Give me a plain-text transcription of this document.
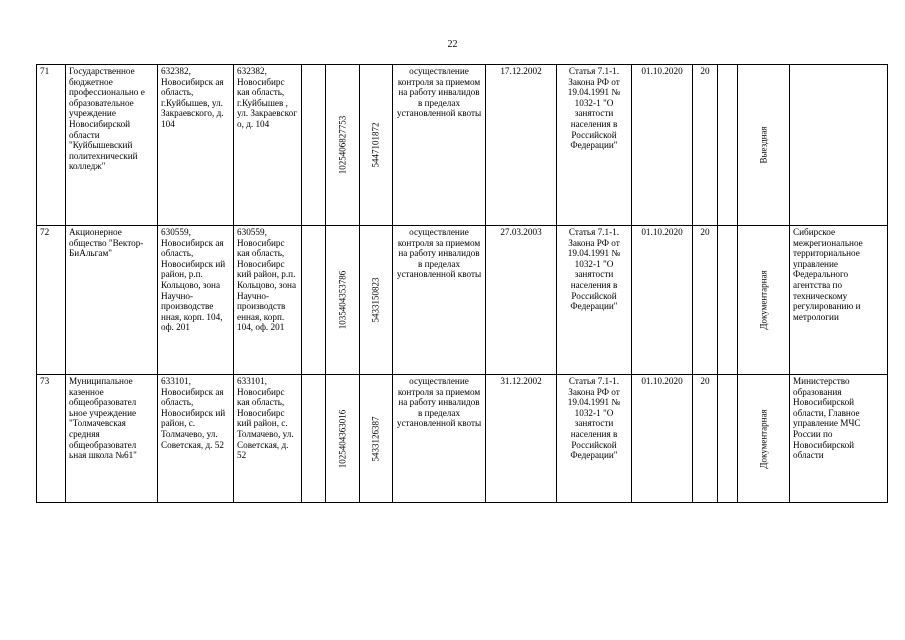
22
71	Государственное бюджетное профессионально е образовательное учреждение Новосибирской области "Куйбышевский политехнический колледж"	632382, Новосибирск ая область, г.Куйбышев, ул. Закраевского, д. 104	632382, Новосибирс кая область, г.Куйбышев , ул. Закраевског о, д. 104		1025406827753	5447101872	осуществление контроля за приемом на работу инвалидов в пределах установленной квоты	17.12.2002	Статья 7.1-1. Закона РФ от 19.04.1991 № 1032-1 "О занятости населения в Российской Федерации"	01.10.2020	20		Выездная	

72	Акционерное общество "Вектор-БиАльгам"	630559, Новосибирск ая область, Новосибирск ий район, р.п. Кольцово, зона Научно-производстве нная, корп. 104, оф. 201	630559, Новосибирс кая область, Новосибирс кий район, р.п. Кольцово, зона Научно-производств енная, корп. 104, оф. 201		1035404353786	5433150823	осуществление контроля за приемом на работу инвалидов в пределах установленной квоты	27.03.2003	Статья 7.1-1. Закона РФ от 19.04.1991 № 1032-1 "О занятости населения в Российской Федерации"	01.10.2020	20		Документарная	Сибирское межрегиональное территориальное управление Федерального агентства по техническому регулированию и метрологии
73	Муниципальное казенное общеобразовател ьное учреждение "Толмачевская средняя общеобразовател ьная школа №61"	633101, Новосибирск ая область, Новосибирск ий район, с. Толмачево, ул. Советская, д. 52	633101, Новосибирс кая область, Новосибирс кий район, с. Толмачево, ул. Советская, д. 52		1025404363016	5433126387	осуществление контроля за приемом на работу инвалидов в пределах установленной квоты	31.12.2002	Статья 7.1-1. Закона РФ от 19.04.1991 № 1032-1 "О занятости населения в Российской Федерации"	01.10.2020	20		Документарная	Министерство образования Новосибирской области, Главное управление МЧС России по Новосибирской области
